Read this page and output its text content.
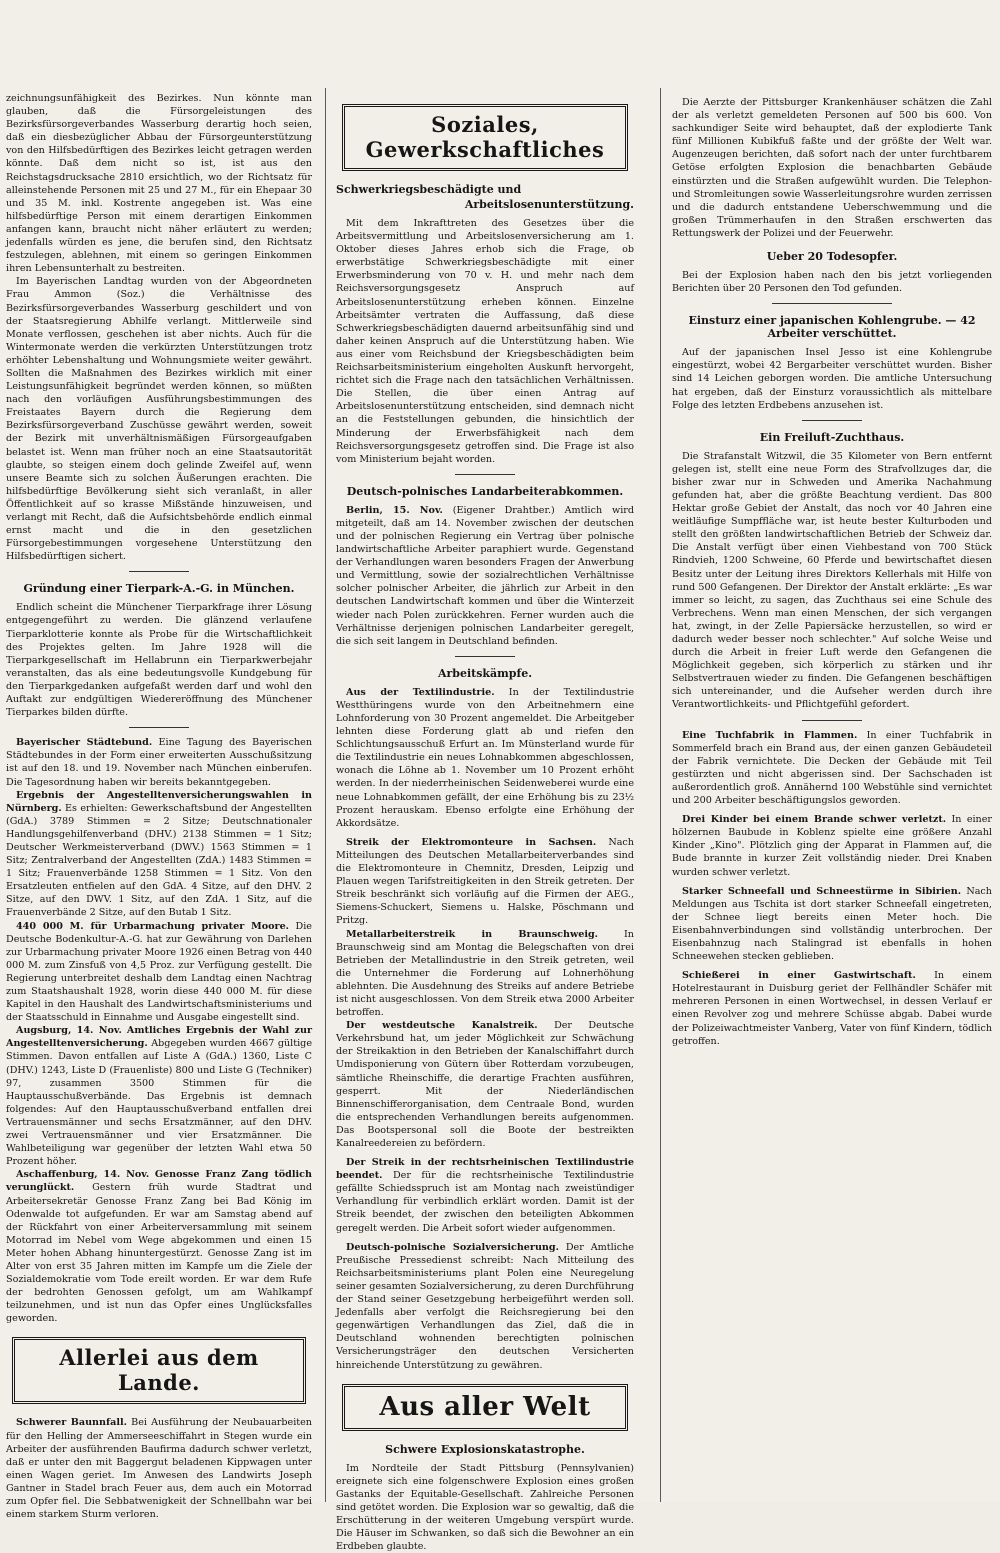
zeichnungsunfähigkeit des Bezirkes. Nun könnte man glauben, daß die Fürsorgeleistungen des Bezirksfürsorgeverbandes Wasserburg derartig hoch seien, daß ein diesbezüglicher Abbau der Fürsorgeunterstützung von den Hilfsbedürftigen des Bezirkes leicht getragen werden könnte. Daß dem nicht so ist, ist aus den Reichstagsdrucksache 2810 ersichtlich, wo der Richtsatz für alleinstehende Personen mit 25 und 27 M., für ein Ehepaar 30 und 35 M. inkl. Kostrente angegeben ist. Was eine hilfsbedürftige Person mit einem derartigen Einkommen anfangen kann, braucht nicht näher erläutert zu werden; jedenfalls würden es jene, die berufen sind, den Richtsatz festzulegen, ablehnen, mit einem so geringen Einkommen ihren Lebensunterhalt zu bestreiten.

Im Bayerischen Landtag wurden von der Abgeordneten Frau Ammon (Soz.) die Verhältnisse des Bezirksfürsorgeverbandes Wasserburg geschildert und von der Staatsregierung Abhilfe verlangt. Mittlerweile sind Monate verflossen, geschehen ist aber nichts. Auch für die Wintermonate werden die verkürzten Unterstützungen trotz erhöhter Lebenshaltung und Wohnungsmiete weiter gewährt. Sollten die Maßnahmen des Bezirkes wirklich mit einer Leistungsunfähigkeit begründet werden können, so müßten nach den vorläufigen Ausführungsbestimmungen des Freistaates Bayern durch die Regierung dem Bezirksfürsorgeverband Zuschüsse gewährt werden, soweit der Bezirk mit unverhältnismäßigen Fürsorgeaufgaben belastet ist. Wenn man früher noch an eine Staatsautorität glaubte, so steigen einem doch gelinde Zweifel auf, wenn unsere Beamte sich zu solchen Äußerungen erachten. Die hilfsbedürftige Bevölkerung sieht sich veranlaßt, in aller Öffentlichkeit auf so krasse Mißstände hinzuweisen, und verlangt mit Recht, daß die Aufsichtsbehörde endlich einmal ernst macht und die in den gesetzlichen Fürsorgebestimmungen vorgesehene Unterstützung den Hilfsbedürftigen sichert.

Gründung einer Tierpark-A.-G. in München.

Endlich scheint die Münchener Tierparkfrage ihrer Lösung entgegengeführt zu werden. Die glänzend verlaufene Tierparklotterie konnte als Probe für die Wirtschaftlichkeit des Projektes gelten. Im Jahre 1928 will die Tierparkgesellschaft im Hellabrunn ein Tierparkwerbejahr veranstalten, das als eine bedeutungsvolle Kundgebung für den Tierparkgedanken aufgefaßt werden darf und wohl den Auftakt zur endgültigen Wiedereröffnung des Münchener Tierparkes bilden dürfte.

Bayerischer Städtebund. Eine Tagung des Bayerischen Städtebundes in der Form einer erweiterten Ausschußsitzung ist auf den 18. und 19. November nach München einberufen. Die Tagesordnung haben wir bereits bekanntgegeben.

Ergebnis der Angestelltenversicherungswahlen in Nürnberg. Es erhielten: Gewerkschaftsbund der Angestellten (GdA.) 3789 Stimmen = 2 Sitze; Deutschnationaler Handlungsgehilfenverband (DHV.) 2138 Stimmen = 1 Sitz; Deutscher Werkmeisterverband (DWV.) 1563 Stimmen = 1 Sitz; Zentralverband der Angestellten (ZdA.) 1483 Stimmen = 1 Sitz; Frauenverbände 1258 Stimmen = 1 Sitz. Von den Ersatzleuten entfielen auf den GdA. 4 Sitze, auf den DHV. 2 Sitze, auf den DWV. 1 Sitz, auf den ZdA. 1 Sitz, auf die Frauenverbände 2 Sitze, auf den Butab 1 Sitz.

440 000 M. für Urbarmachung privater Moore. Die Deutsche Bodenkultur-A.-G. hat zur Gewährung von Darlehen zur Urbarmachung privater Moore 1926 einen Betrag von 440 000 M. zum Zinsfuß von 4,5 Proz. zur Verfügung gestellt. Die Regierung unterbreitet deshalb dem Landtag einen Nachtrag zum Staatshaushalt 1928, worin diese 440 000 M. für diese Kapitel in den Haushalt des Landwirtschaftsministeriums und der Staatsschuld in Einnahme und Ausgabe eingestellt sind.

Augsburg, 14. Nov. Amtliches Ergebnis der Wahl zur Angestelltenversicherung. Abgegeben wurden 4667 gültige Stimmen. Davon entfallen auf Liste A (GdA.) 1360, Liste C (DHV.) 1243, Liste D (Frauenliste) 800 und Liste G (Techniker) 97, zusammen 3500 Stimmen für die Hauptausschußverbände. Das Ergebnis ist demnach folgendes: Auf den Hauptausschußverband entfallen drei Vertrauensmänner und sechs Ersatzmänner, auf den DHV. zwei Vertrauensmänner und vier Ersatzmänner. Die Wahlbeteiligung war gegenüber der letzten Wahl etwa 50 Prozent höher.

Aschaffenburg, 14. Nov. Genosse Franz Zang tödlich verunglückt. Gestern früh wurde Stadtrat und Arbeitersekretär Genosse Franz Zang bei Bad König im Odenwalde tot aufgefunden. Er war am Samstag abend auf der Rückfahrt von einer Arbeiterversammlung mit seinem Motorrad im Nebel vom Wege abgekommen und einen 15 Meter hohen Abhang hinuntergestürzt. Genosse Zang ist im Alter von erst 35 Jahren mitten im Kampfe um die Ziele der Sozialdemokratie vom Tode ereilt worden. Er war dem Rufe der bedrohten Genossen gefolgt, um am Wahlkampf teilzunehmen, und ist nun das Opfer eines Unglücksfalles geworden.

Allerlei aus dem Lande.

Schwerer Baunnfall. Bei Ausführung der Neubauarbeiten für den Helling der Ammerseeschiffahrt in Stegen wurde ein Arbeiter der ausführenden Baufirma dadurch schwer verletzt, daß er unter den mit Baggergut beladenen Kippwagen unter einen Wagen geriet. Im Anwesen des Landwirts Joseph Gantner in Stadel brach Feuer aus, dem auch ein Motorrad zum Opfer fiel. Die Sebbatwenigkeit der Schnellbahn war bei einem starkem Sturm verloren.

Soziales, Gewerkschaftliches
Schwerkriegsbeschädigte und
Arbeitslosenunterstützung.

Mit dem Inkrafttreten des Gesetzes über die Arbeitsvermittlung und Arbeitslosenversicherung am 1. Oktober dieses Jahres erhob sich die Frage, ob erwerbstätige Schwerkriegsbeschädigte mit einer Erwerbsminderung von 70 v. H. und mehr nach dem Reichsversorgungsgesetz Anspruch auf Arbeitslosenunterstützung erheben können. Einzelne Arbeitsämter vertraten die Auffassung, daß diese Schwerkriegsbeschädigten dauernd arbeitsunfähig sind und daher keinen Anspruch auf die Unterstützung haben. Wie aus einer vom Reichsbund der Kriegsbeschädigten beim Reichsarbeitsministerium eingeholten Auskunft hervorgeht, richtet sich die Frage nach den tatsächlichen Verhältnissen. Die Stellen, die über einen Antrag auf Arbeitslosenunterstützung entscheiden, sind demnach nicht an die Feststellungen gebunden, die hinsichtlich der Minderung der Erwerbsfähigkeit nach dem Reichsversorgungsgesetz getroffen sind. Die Frage ist also vom Ministerium bejaht worden.

Deutsch-polnisches Landarbeiterabkommen.

Berlin, 15. Nov. (Eigener Drahtber.) Amtlich wird mitgeteilt, daß am 14. November zwischen der deutschen und der polnischen Regierung ein Vertrag über polnische landwirtschaftliche Arbeiter paraphiert wurde. Gegenstand der Verhandlungen waren besonders Fragen der Anwerbung und Vermittlung, sowie der sozialrechtlichen Verhältnisse solcher polnischer Arbeiter, die jährlich zur Arbeit in den deutschen Landwirtschaft kommen und über die Winterzeit wieder nach Polen zurückkehren. Ferner wurden auch die Verhältnisse derjenigen polnischen Landarbeiter geregelt, die sich seit langem in Deutschland befinden.

Arbeitskämpfe.

Aus der Textilindustrie. In der Textilindustrie Westthüringens wurde von den Arbeitnehmern eine Lohnforderung von 30 Prozent angemeldet. Die Arbeitgeber lehnten diese Forderung glatt ab und riefen den Schlichtungsausschuß Erfurt an. Im Münsterland wurde für die Textilindustrie ein neues Lohnabkommen abgeschlossen, wonach die Löhne ab 1. November um 10 Prozent erhöht werden. In der niederrheinischen Seidenweberei wurde eine neue Lohnabkommen gefällt, der eine Erhöhung bis zu 23½ Prozent herauskam. Ebenso erfolgte eine Erhöhung der Akkordsätze.

Streik der Elektromonteure in Sachsen. Nach Mitteilungen des Deutschen Metallarbeiterverbandes sind die Elektromonteure in Chemnitz, Dresden, Leipzig und Plauen wegen Tarifstreitigkeiten in den Streik getreten. Der Streik beschränkt sich vorläufig auf die Firmen der AEG., Siemens-Schuckert, Siemens u. Halske, Pöschmann und Pritzg.

Metallarbeiterstreik in Braunschweig.	In Braunschweig sind am Montag die Belegschaften von drei Betrieben der Metallindustrie in den Streik getreten, weil die Unternehmer die Forderung auf Lohnerhöhung ablehnten. Die Ausdehnung des Streiks auf andere Betriebe ist nicht ausgeschlossen. Von dem Streik etwa 2000 Arbeiter betroffen.

Der westdeutsche Kanalstreik. Der Deutsche Verkehrsbund hat, um jeder Möglichkeit zur Schwächung der Streikaktion in den Betrieben der Kanalschiffahrt durch Umdisponierung von Gütern über Rotterdam vorzubeugen, sämtliche Rheinschiffe, die derartige Frachten ausführen, gesperrt. Mit der Niederländischen Binnenschifferorganisation, dem Centraale Bond, wurden die entsprechenden Verhandlungen bereits aufgenommen. Das Bootspersonal soll die Boote der bestreikten Kanalreedereien zu befördern.

Der Streik in der rechtsrheinischen Textilindustrie beendet. Der für die rechtsrheinische Textilindustrie gefällte Schiedsspruch ist am Montag nach zweistündiger Verhandlung für verbindlich erklärt worden. Damit ist der Streik beendet, der zwischen den beteiligten Abkommen geregelt werden. Die Arbeit sofort wieder aufgenommen.

Deutsch-polnische Sozialversicherung. Der Amtliche Preußische Pressedienst schreibt: Nach Mitteilung des Reichsarbeitsministeriums plant Polen eine Neuregelung seiner gesamten Sozialversicherung, zu deren Durchführung der Stand seiner Gesetzgebung herbeigeführt werden soll. Jedenfalls aber verfolgt die Reichsregierung bei den gegenwärtigen Verhandlungen das Ziel, daß die in Deutschland wohnenden berechtigten polnischen Versicherungsträger den deutschen Versicherten hinreichende Unterstützung zu gewähren.

Aus aller Welt
Schwere Explosionskatastrophe.

Im Nordteile der Stadt Pittsburg (Pennsylvanien) ereignete sich eine folgenschwere Explosion eines großen Gastanks der Equitable-Gesellschaft. Zahlreiche Personen sind getötet worden. Die Explosion war so gewaltig, daß die Erschütterung in der weiteren Umgebung verspürt wurde. Die Häuser im Schwanken, so daß sich die Bewohner an ein Erdbeben glaubte.

Die Aerzte der Pittsburger Krankenhäuser schätzen die Zahl der als verletzt gemeldeten Personen auf 500 bis 600. Von sachkundiger Seite wird behauptet, daß der explodierte Tank fünf Millionen Kubikfuß faßte und der größte der Welt war. Augenzeugen berichten, daß sofort nach der unter furchtbarem Getöse erfolgten Explosion die benachbarten Gebäude einstürzten und die Straßen aufgewühlt wurden. Die Telephon- und Stromleitungen sowie Wasserleitungsrohre wurden zerrissen und die dadurch entstandene Ueberschwemmung und die großen Trümmerhaufen in den Straßen erschwerten das Rettungswerk der Polizei und der Feuerwehr.

Ueber 20 Todesopfer.

Bei der Explosion haben nach den bis jetzt vorliegenden Berichten über 20 Personen den Tod gefunden.

Einsturz einer japanischen Kohlengrube. — 42 Arbeiter verschüttet.

Auf der japanischen Insel Jesso ist eine Kohlengrube eingestürzt, wobei 42 Bergarbeiter verschüttet wurden. Bisher sind 14 Leichen geborgen worden. Die amtliche Untersuchung hat ergeben, daß der Einsturz voraussichtlich als mittelbare Folge des letzten Erdbebens anzusehen ist.

Ein Freiluft-Zuchthaus.

Die Strafanstalt Witzwil, die 35 Kilometer von Bern entfernt gelegen ist, stellt eine neue Form des Strafvollzuges dar, die bisher zwar nur in Schweden und Amerika Nachahmung gefunden hat, aber die größte Beachtung verdient. Das 800 Hektar große Gebiet der Anstalt, das noch vor 40 Jahren eine weitläufige Sumpffläche war, ist heute bester Kulturboden und stellt den größten landwirtschaftlichen Betrieb der Schweiz dar. Die Anstalt verfügt über einen Viehbestand von 700 Stück Rindvieh, 1200 Schweine, 60 Pferde und bewirtschaftet diesen Besitz unter der Leitung ihres Direktors Kellerhals mit Hilfe von rund 500 Gefangenen. Der Direktor der Anstalt erklärte: „Es war immer so leicht, zu sagen, das Zuchthaus sei eine Schule des Verbrechens. Wenn man einen Menschen, der sich vergangen hat, zwingt, in der Zelle Papiersäcke herzustellen, so wird er dadurch weder besser noch schlechter." Auf solche Weise und durch die Arbeit in freier Luft werde den Gefangenen die Möglichkeit gegeben, sich körperlich zu stärken und ihr Selbstvertrauen wieder zu finden. Die Gefangenen beschäftigen sich untereinander, und die Aufseher werden durch ihre Verantwortlichkeits- und Pflichtgefühl gefordert.

Eine Tuchfabrik in Flammen. In einer Tuchfabrik in Sommerfeld brach ein Brand aus, der einen ganzen Gebäudeteil der Fabrik vernichtete. Die Decken der Gebäude mit Teil gestürzten und nicht abgerissen sind. Der Sachschaden ist außerordentlich groß. Annähernd 100 Webstühle sind vernichtet und 200 Arbeiter beschäftigungslos geworden.

Drei Kinder bei einem Brande schwer verletzt. In einer hölzernen Baubude in Koblenz spielte eine größere Anzahl Kinder „Kino". Plötzlich ging der Apparat in Flammen auf, die Bude brannte in kurzer Zeit vollständig nieder. Drei Knaben wurden schwer verletzt.

Starker Schneefall und Schneestürme in Sibirien. Nach Meldungen aus Tschita ist dort starker Schneefall eingetreten, der Schnee liegt bereits einen Meter hoch. Die Eisenbahnverbindungen sind vollständig unterbrochen. Der Eisenbahnzug nach Stalingrad ist ebenfalls in hohen Schneewehen stecken geblieben.

Schießerei in einer Gastwirtschaft. In einem Hotelrestaurant in Duisburg geriet der Fellhändler Schäfer mit mehreren Personen in einen Wortwechsel, in dessen Verlauf er einen Revolver zog und mehrere Schüsse abgab. Dabei wurde der Polizeiwachtmeister Vanberg, Vater von fünf Kindern, tödlich getroffen.
